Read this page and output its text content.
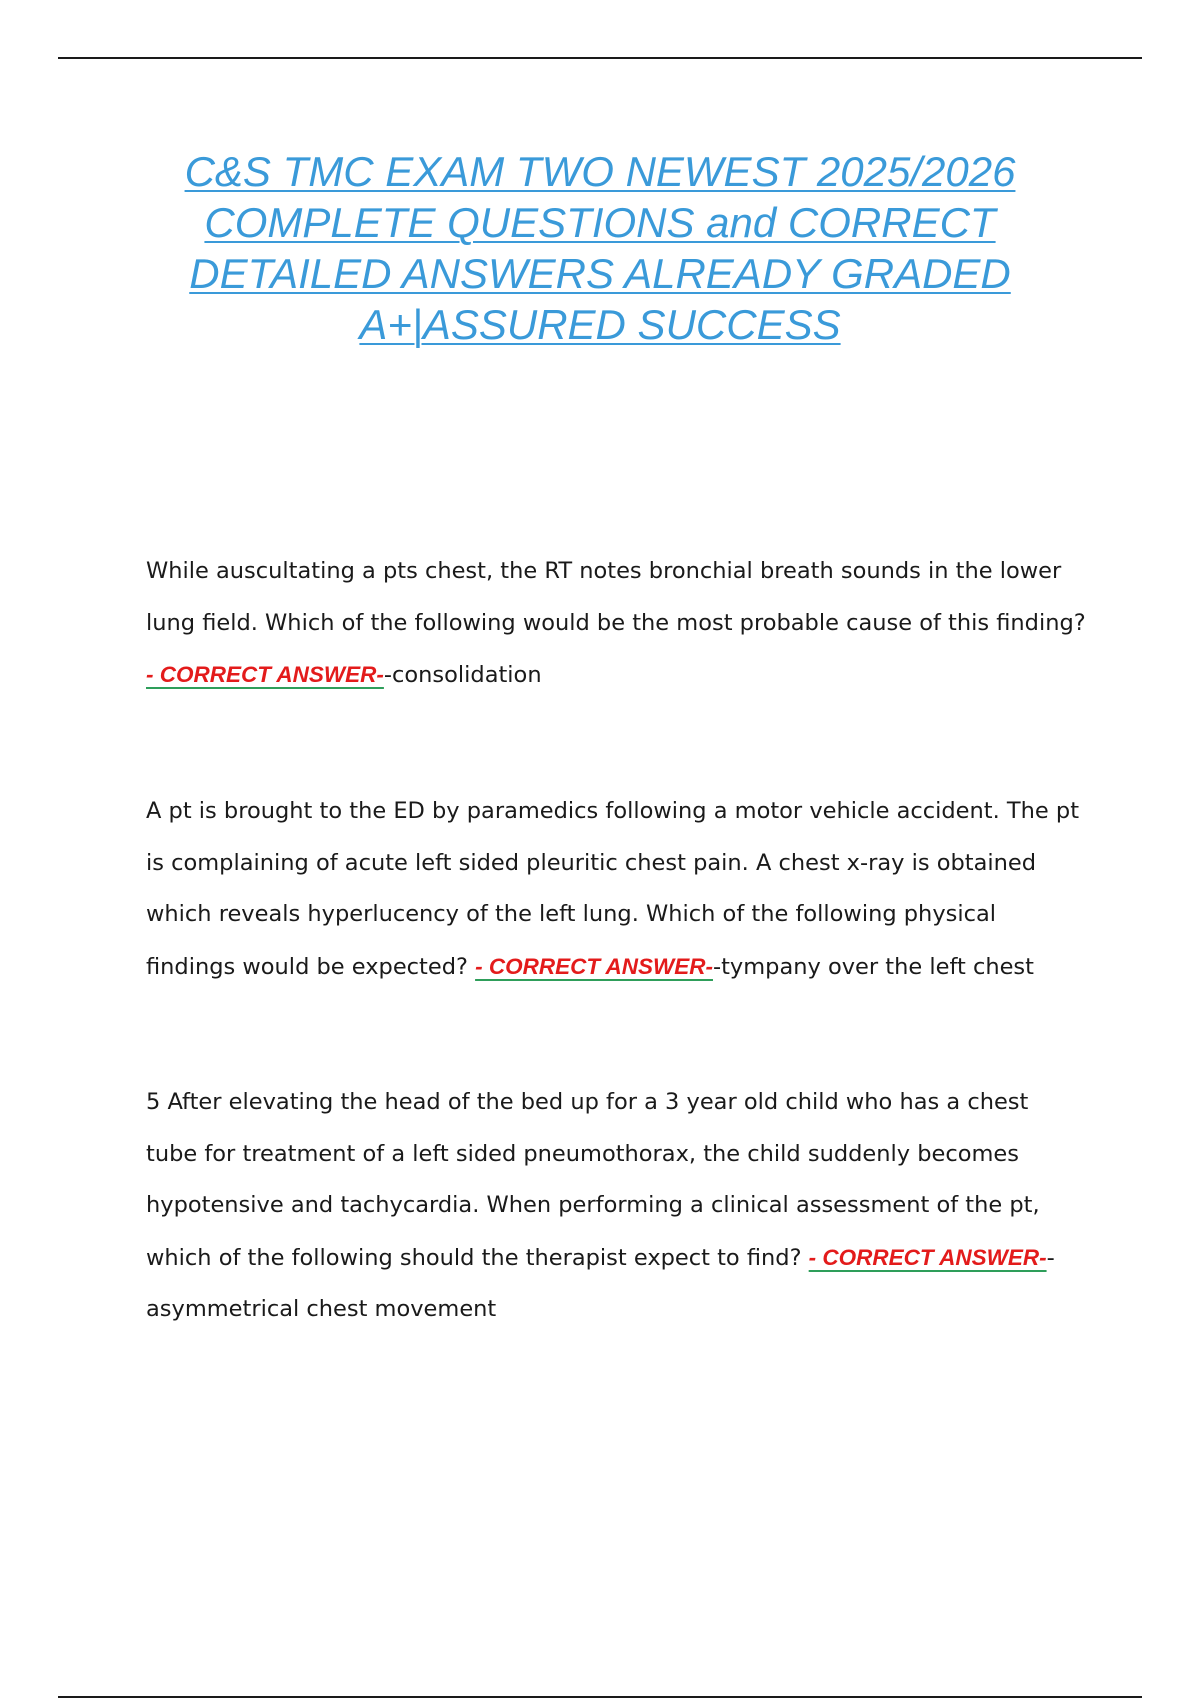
C&S TMC EXAM TWO NEWEST 2025/2026
COMPLETE QUESTIONS and CORRECT
DETAILED ANSWERS ALREADY GRADED
A+|ASSURED SUCCESS

While auscultating a pts chest, the RT notes bronchial breath sounds in the lower lung field. Which of the following would be the most probable cause of this finding? - CORRECT ANSWER--consolidation

A pt is brought to the ED by paramedics following a motor vehicle accident. The pt is complaining of acute left sided pleuritic chest pain. A chest x-ray is obtained which reveals hyperlucency of the left lung. Which of the following physical findings would be expected? - CORRECT ANSWER--tympany over the left chest

5 After elevating the head of the bed up for a 3 year old child who has a chest tube for treatment of a left sided pneumothorax, the child suddenly becomes hypotensive and tachycardia. When performing a clinical assessment of the pt, which of the following should the therapist expect to find? - CORRECT ANSWER--asymmetrical chest movement
